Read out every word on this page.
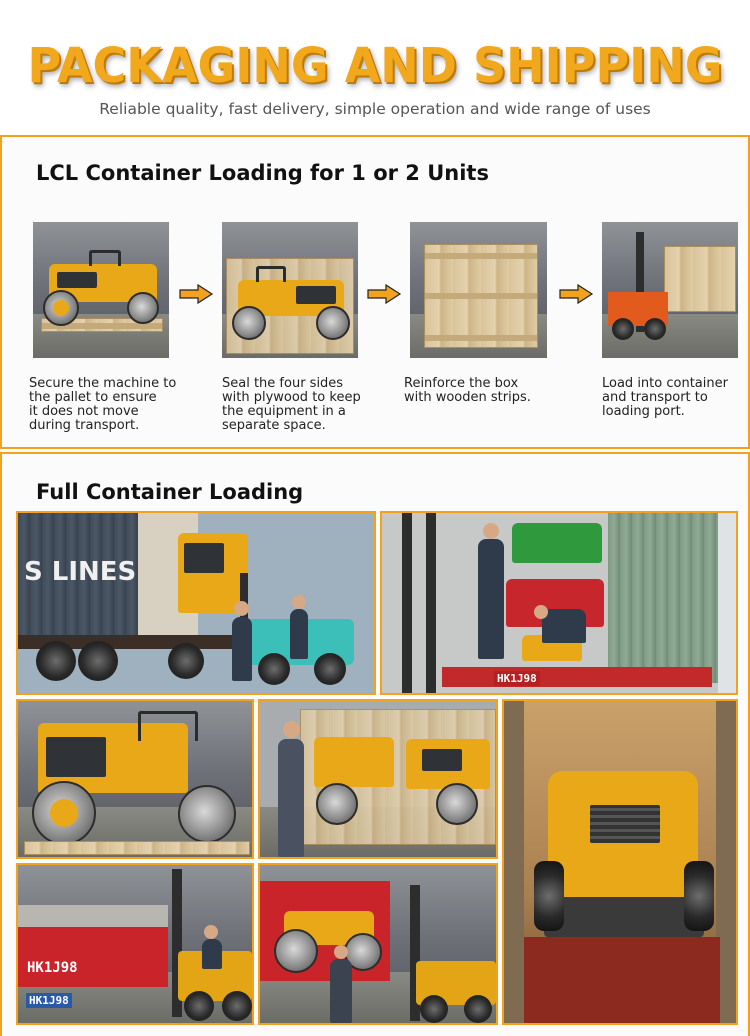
PACKAGING AND SHIPPING
Reliable quality, fast delivery, simple operation and wide range of uses
LCL Container Loading for 1 or 2 Units
Secure the machine to
the pallet to ensure
it does not move
during transport.
Seal the four sides
with plywood to keep
the equipment in a
separate space.
Reinforce the box
with wooden strips.
Load into container
and transport to
loading port.
Full Container Loading
S LINES
HK1J98
HK1J98
HK1J98
